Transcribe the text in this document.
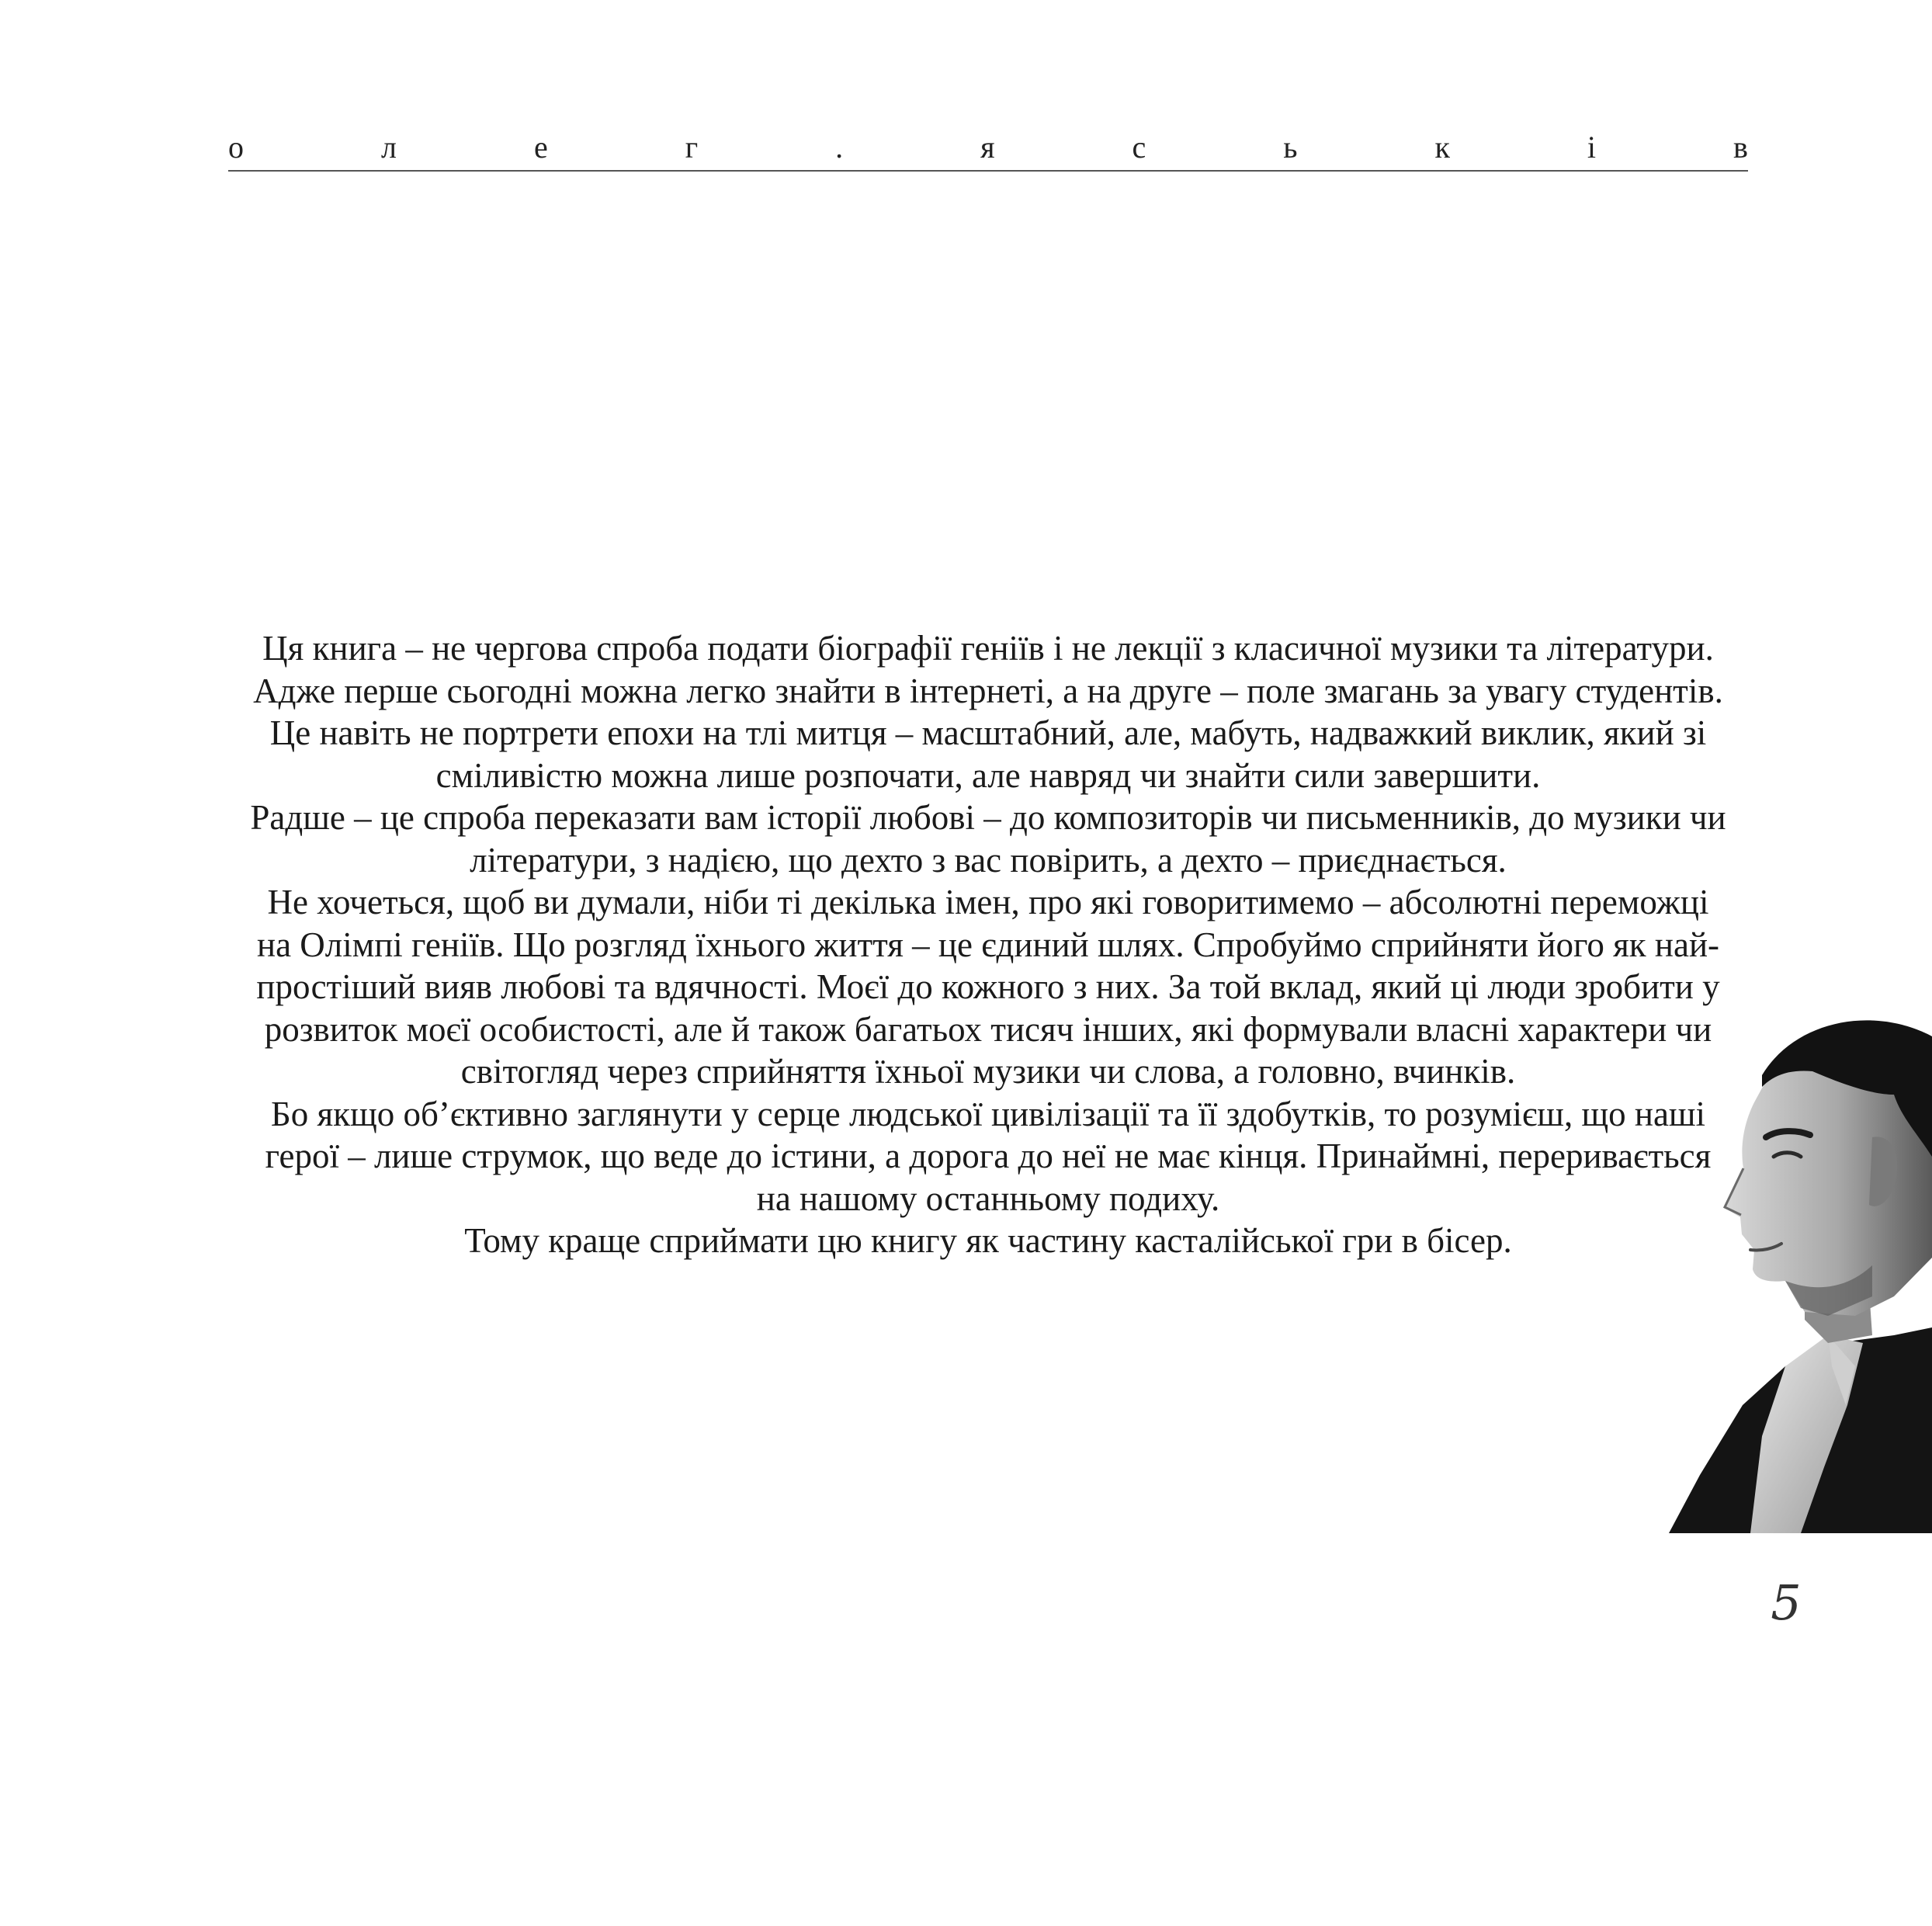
о	л	е	г	.	я	с	ь	к	і	в
Ця книга – не чергова спроба подати біографії геніїв і не лекції з класичної музики та літератури.
Адже перше сьогодні можна легко знайти в інтернеті, а на друге – поле змагань за увагу студентів.
Це навіть не портрети епохи на тлі митця – масштабний, але, мабуть, надважкий виклик, який зі
сміливістю можна лише розпочати, але навряд чи знайти сили завершити.
Радше – це спроба переказати вам історії любові – до композиторів чи письменників, до музики чи
літератури, з надією, що дехто з вас повірить, а дехто – приєднається.
Не хочеться, щоб ви думали, ніби ті декілька імен, про які говоритимемо – абсолютні переможці
на Олімпі геніїв. Що розгляд їхнього життя – це єдиний шлях. Спробуймо сприйняти його як най-
простіший вияв любові та вдячності. Моєї до кожного з них. За той вклад, який ці люди зробити у
розвиток моєї особистості, але й також багатьох тисяч інших, які формували власні характери чи
світогляд через сприйняття їхньої музики чи слова, а головно, вчинків.
Бо якщо об’єктивно заглянути у серце людської цивілізації та її здобутків, то розумієш, що наші
герої – лише струмок, що веде до істини, а дорога до неї не має кінця. Принаймні, переривається
на нашому останньому подиху.
Тому краще сприймати цю книгу як частину касталійської гри в бісер.
5
